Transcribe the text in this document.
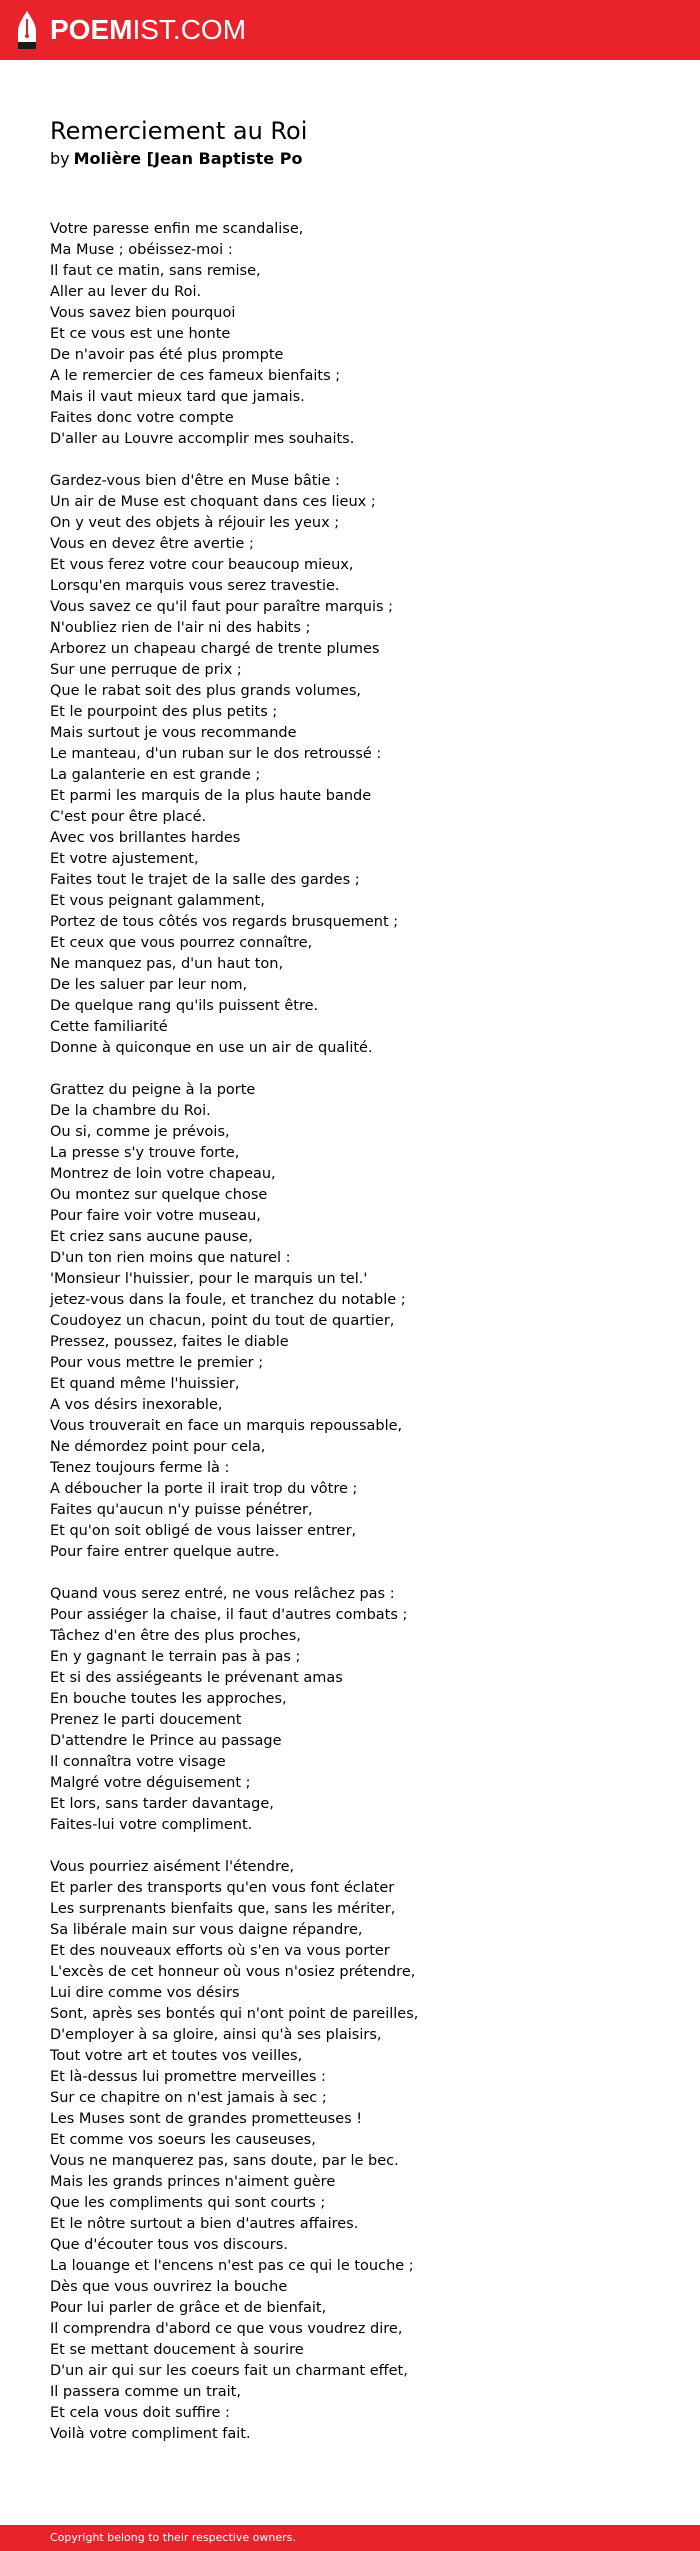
POEMIST.COM
Remerciement au Roi
by Molière [Jean Baptiste Po
Votre paresse enfin me scandalise,
Ma Muse ; obéissez-moi :
Il faut ce matin, sans remise,
Aller au lever du Roi.
Vous savez bien pourquoi
Et ce vous est une honte
De n'avoir pas été plus prompte
A le remercier de ces fameux bienfaits ;
Mais il vaut mieux tard que jamais.
Faites donc votre compte
D'aller au Louvre accomplir mes souhaits.
Gardez-vous bien d'être en Muse bâtie :
Un air de Muse est choquant dans ces lieux ;
On y veut des objets à réjouir les yeux ;
Vous en devez être avertie ;
Et vous ferez votre cour beaucoup mieux,
Lorsqu'en marquis vous serez travestie.
Vous savez ce qu'il faut pour paraître marquis ;
N'oubliez rien de l'air ni des habits ;
Arborez un chapeau chargé de trente plumes
Sur une perruque de prix ;
Que le rabat soit des plus grands volumes,
Et le pourpoint des plus petits ;
Mais surtout je vous recommande
Le manteau, d'un ruban sur le dos retroussé :
La galanterie en est grande ;
Et parmi les marquis de la plus haute bande
C'est pour être placé.
Avec vos brillantes hardes
Et votre ajustement,
Faites tout le trajet de la salle des gardes ;
Et vous peignant galamment,
Portez de tous côtés vos regards brusquement ;
Et ceux que vous pourrez connaître,
Ne manquez pas, d'un haut ton,
De les saluer par leur nom,
De quelque rang qu'ils puissent être.
Cette familiarité
Donne à quiconque en use un air de qualité.
Grattez du peigne à la porte
De la chambre du Roi.
Ou si, comme je prévois,
La presse s'y trouve forte,
Montrez de loin votre chapeau,
Ou montez sur quelque chose
Pour faire voir votre museau,
Et criez sans aucune pause,
D'un ton rien moins que naturel :
'Monsieur l'huissier, pour le marquis un tel.'
jetez-vous dans la foule, et tranchez du notable ;
Coudoyez un chacun, point du tout de quartier,
Pressez, poussez, faites le diable
Pour vous mettre le premier ;
Et quand même l'huissier,
A vos désirs inexorable,
Vous trouverait en face un marquis repoussable,
Ne démordez point pour cela,
Tenez toujours ferme là :
A déboucher la porte il irait trop du vôtre ;
Faites qu'aucun n'y puisse pénétrer,
Et qu'on soit obligé de vous laisser entrer,
Pour faire entrer quelque autre.
Quand vous serez entré, ne vous relâchez pas :
Pour assiéger la chaise, il faut d'autres combats ;
Tâchez d'en être des plus proches,
En y gagnant le terrain pas à pas ;
Et si des assiégeants le prévenant amas
En bouche toutes les approches,
Prenez le parti doucement
D'attendre le Prince au passage
Il connaîtra votre visage
Malgré votre déguisement ;
Et lors, sans tarder davantage,
Faites-lui votre compliment.
Vous pourriez aisément l'étendre,
Et parler des transports qu'en vous font éclater
Les surprenants bienfaits que, sans les mériter,
Sa libérale main sur vous daigne répandre,
Et des nouveaux efforts où s'en va vous porter
L'excès de cet honneur où vous n'osiez prétendre,
Lui dire comme vos désirs
Sont, après ses bontés qui n'ont point de pareilles,
D'employer à sa gloire, ainsi qu'à ses plaisirs,
Tout votre art et toutes vos veilles,
Et là-dessus lui promettre merveilles :
Sur ce chapitre on n'est jamais à sec ;
Les Muses sont de grandes prometteuses !
Et comme vos soeurs les causeuses,
Vous ne manquerez pas, sans doute, par le bec.
Mais les grands princes n'aiment guère
Que les compliments qui sont courts ;
Et le nôtre surtout a bien d'autres affaires.
Que d'écouter tous vos discours.
La louange et l'encens n'est pas ce qui le touche ;
Dès que vous ouvrirez la bouche
Pour lui parler de grâce et de bienfait,
Il comprendra d'abord ce que vous voudrez dire,
Et se mettant doucement à sourire
D'un air qui sur les coeurs fait un charmant effet,
Il passera comme un trait,
Et cela vous doit suffire :
Voilà votre compliment fait.
Copyright belong to their respective owners.
